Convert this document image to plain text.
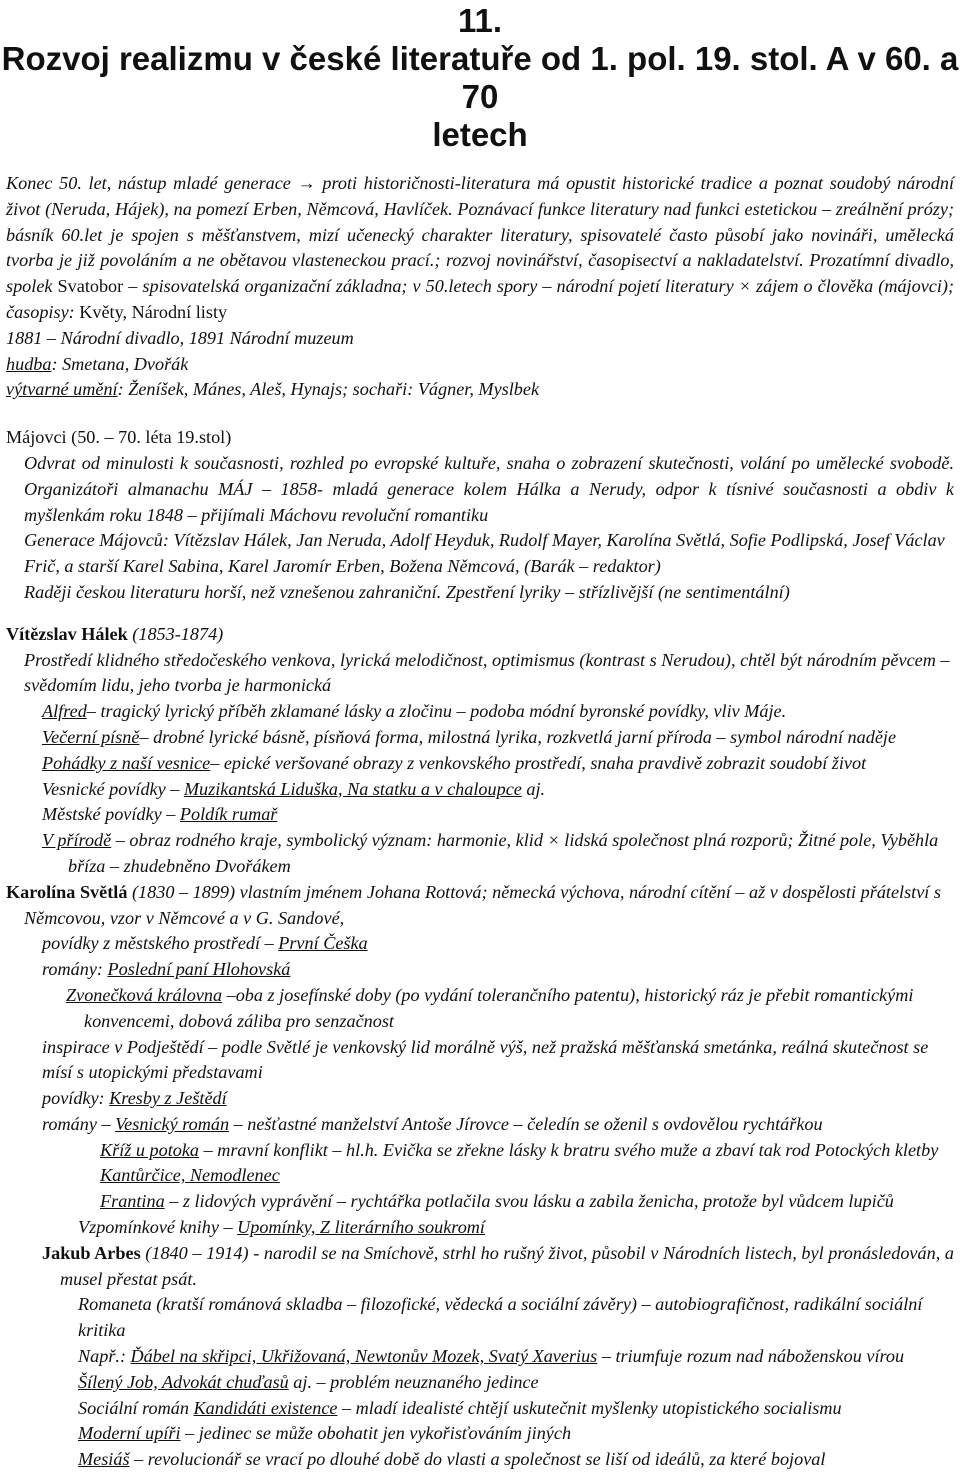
11.
Rozvoj realizmu v české literatuře od 1. pol. 19. stol. A v 60. a 70
letech

Konec 50. let, nástup mladé generace → proti historičnosti-literatura má opustit historické tradice a poznat soudobý národní život (Neruda, Hájek), na pomezí Erben, Němcová, Havlíček. Poznávací funkce literatury nad funkci estetickou – zreálnění prózy; básník 60.let je spojen s měšťanstvem, mizí učenecký charakter literatury, spisovatelé často působí jako novináři, umělecká tvorba je již povoláním a ne obětavou vlasteneckou prací.; rozvoj novinářství, časopisectví a nakladatelství. Prozatímní divadlo, spolek Svatobor – spisovatelská organizační základna; v 50.letech spory – národní pojetí literatury × zájem o člověka (májovci); časopisy: Květy, Národní listy

1881 – Národní divadlo, 1891 Národní muzeum
hudba: Smetana, Dvořák
výtvarné umění: Ženíšek, Mánes, Aleš, Hynajs; sochaři: Vágner, Myslbek
Májovci (50. – 70. léta 19.stol)

Odvrat od minulosti k současnosti, rozhled po evropské kultuře, snaha o zobrazení skutečnosti, volání po umělecké svobodě. Organizátoři almanachu MÁJ – 1858- mladá generace kolem Hálka a Nerudy, odpor k tísnivé současnosti a obdiv k myšlenkám roku 1848 – přijímali Máchovu revoluční romantiku

Generace Májovců: Vítězslav Hálek, Jan Neruda, Adolf Heyduk, Rudolf Mayer, Karolína Světlá, Sofie Podlipská, Josef Václav Frič, a starší Karel Sabina, Karel Jaromír Erben, Božena Němcová, (Barák – redaktor)

Raději českou literaturu horší, než vznešenou zahraniční. Zpestření lyriky – střízlivější (ne sentimentální)

Vítězslav Hálek (1853-1874)

Prostředí klidného středočeského venkova, lyrická melodičnost, optimismus (kontrast s Nerudou), chtěl být národním pěvcem – svědomím lidu, jeho tvorba je harmonická

Alfred– tragický lyrický příběh zklamané lásky a zločinu – podoba módní byronské povídky, vliv Máje.
Večerní písně– drobné lyrické básně, písňová forma, milostná lyrika, rozkvetlá jarní příroda – symbol národní naděje
Pohádky z naší vesnice– epické veršované obrazy z venkovského prostředí, snaha pravdivě zobrazit soudobí život
Vesnické povídky – Muzikantská Liduška, Na statku a v chaloupce aj.
Městské povídky – Poldík rumař

V přírodě – obraz rodného kraje, symbolický význam: harmonie, klid × lidská společnost plná rozporů; Žitné pole, Vyběhla bříza – zhudebněno Dvořákem

Karolína Světlá (1830 – 1899) vlastním jménem Johana Rottová; německá výchova, národní cítění – až v dospělosti přátelství s Němcovou, vzor v Němcové a v G. Sandové,

povídky z městského prostředí – První Češka
romány: Poslední paní Hlohovská

Zvonečková královna –oba z josefínské doby (po vydání tolerančního patentu), historický ráz je přebit romantickými konvencemi, dobová záliba pro senzačnost

inspirace v Podještědí – podle Světlé je venkovský lid morálně výš, než pražská měšťanská smetánka, reálná skutečnost se mísí s utopickými představami

povídky: Kresby z Ještědí
romány – Vesnický román – nešťastné manželství Antoše Jírovce – čeledín se oženil s ovdovělou rychtářkou

Kříž u potoka – mravní konflikt – hl.h. Evička se zřekne lásky k bratru svého muže a zbaví tak rod Potockých kletby

Kantůrčice, Nemodlenec
Frantina – z lidových vyprávění – rychtářka potlačila svou lásku a zabila ženicha, protože byl vůdcem lupičů
Vzpomínkové knihy – Upomínky, Z literárního soukromí

Jakub Arbes (1840 – 1914) - narodil se na Smíchově, strhl ho rušný život, působil v Národních listech, byl pronásledován, a musel přestat psát.

Romaneta (kratší románová skladba – filozofické, vědecká a sociální závěry) – autobiografičnost, radikální sociální kritika

Např.: Ďábel na skřipci, Ukřižovaná, Newtonův Mozek, Svatý Xaverius – triumfuje rozum nad náboženskou vírou
Šílený Job, Advokát chuďasů aj. – problém neuznaného jedince

Sociální román Kandidáti existence – mladí idealisté chtějí uskutečnit myšlenky utopistického socialismu
Moderní upíři – jedinec se může obohatit jen vykořisťováním jiných
Mesiáš – revolucionář se vrací po dlouhé době do vlasti a společnost se liší od ideálů, za které bojoval
